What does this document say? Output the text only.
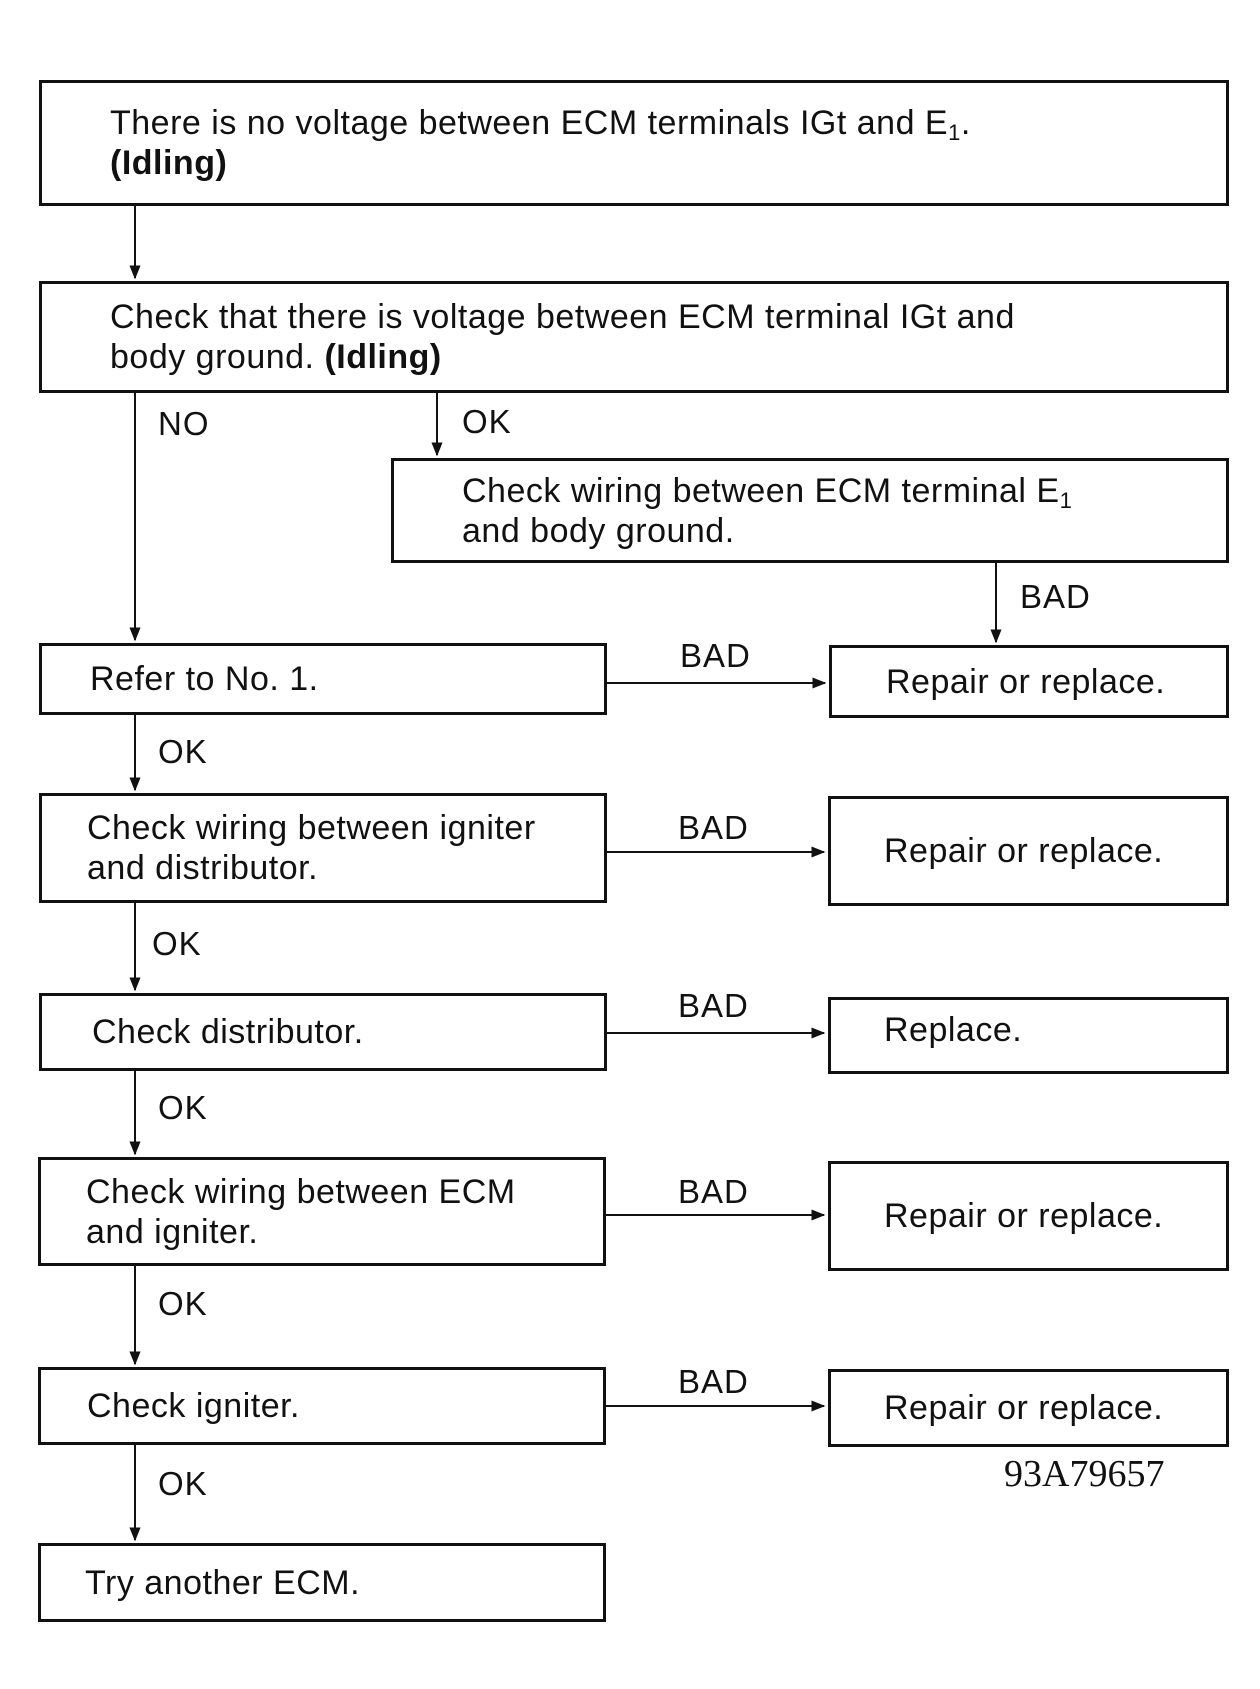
There is no voltage between ECM terminals IGt and $E_1$.
(Idling)
Check that there is voltage between ECM terminal IGt and
body ground. (Idling)
Check wiring between ECM terminal $E_1$
and body ground.
Refer to No. 1.	Repair or replace.
Check wiring between igniter
and distributor.	Repair or replace.
Check distributor.	Replace.
Check wiring between ECM
and igniter.	Repair or replace.
Check igniter.	Repair or replace.
Try another ECM.
NO	OK
BAD
BAD
OK
BAD
OK
BAD
OK
BAD
OK
BAD
OK	93A79657
